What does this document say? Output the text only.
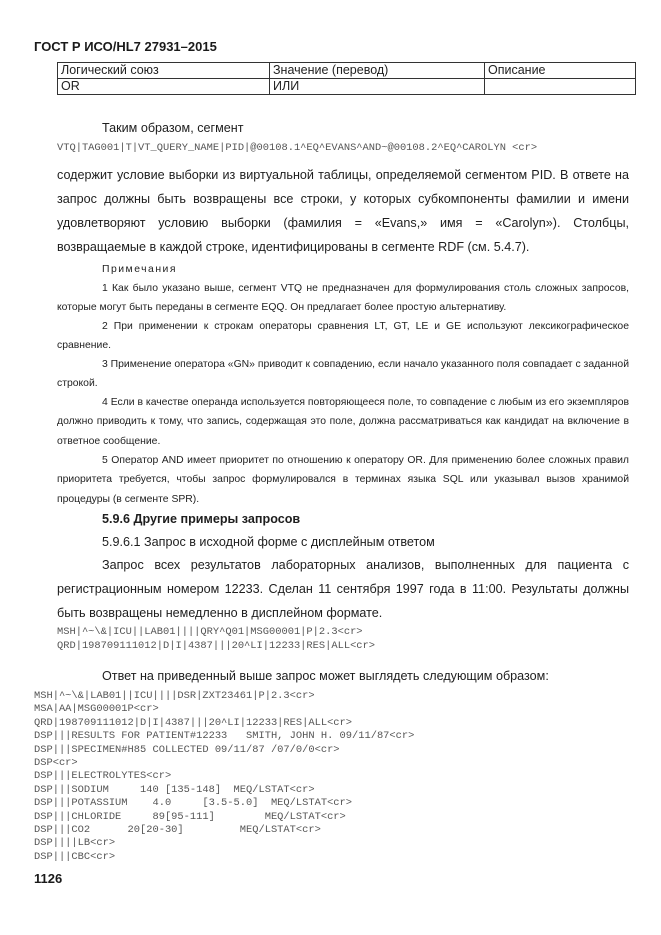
ГОСТ Р ИСО/HL7 27931–2015
Логический союз	Значение (перевод)	Описание
OR	ИЛИ	
Таким образом, сегмент
VTQ|TAG001|T|VT_QUERY_NAME|PID|@00108.1^EQ^EVANS^AND~@00108.2^EQ^CAROLYN <cr>
содержит условие выборки из виртуальной таблицы, определяемой сегментом PID. В ответе на запрос должны быть возвращены все строки, у которых субкомпоненты фамилии и имени удовлетворяют условию выборки (фамилия = «Evans,» имя = «Carolyn»). Столбцы, возвращаемые в каждой строке, идентифицированы в сегменте RDF (см. 5.4.7).
Примечания
1 Как было указано выше, сегмент VTQ не предназначен для формулирования столь сложных запросов, которые могут быть переданы в сегменте EQQ. Он предлагает более простую альтернативу.
2 При применении к строкам операторы сравнения LT, GT, LE и GE используют лексикографическое сравнение.
3 Применение оператора «GN» приводит к совпадению, если начало указанного поля совпадает с заданной строкой.
4 Если в качестве операнда используется повторяющееся поле, то совпадение с любым из его экземпляров должно приводить к тому, что запись, содержащая это поле, должна рассматриваться как кандидат на включение в ответное сообщение.
5 Оператор AND имеет приоритет по отношению к оператору OR. Для применению более сложных правил приоритета требуется, чтобы запрос формулировался в терминах языка SQL или указывал вызов хранимой процедуры (в сегменте SPR).
5.9.6 Другие примеры запросов
5.9.6.1 Запрос в исходной форме с дисплейным ответом
Запрос всех результатов лабораторных анализов, выполненных для пациента с регистрационным номером 12233. Сделан 11 сентября 1997 года в 11:00. Результаты должны быть возвращены немедленно в дисплейном формате.
MSH|^~\&|ICU||LAB01||||QRY^Q01|MSG00001|P|2.3<cr>
QRD|198709111012|D|I|4387|||20^LI|12233|RES|ALL<cr>
Ответ на приведенный выше запрос может выглядеть следующим образом:
MSH|^~\&|LAB01||ICU||||DSR|ZXT23461|P|2.3<cr>
MSA|AA|MSG00001P<cr>
QRD|198709111012|D|I|4387|||20^LI|12233|RES|ALL<cr>
DSP|||RESULTS FOR PATIENT#12233   SMITH, JOHN H. 09/11/87<cr>
DSP|||SPECIMEN#H85 COLLECTED 09/11/87 /07/0/0<cr>
DSP<cr>
DSP|||ELECTROLYTES<cr>
DSP|||SODIUM     140 [135-148]  MEQ/LSTAT<cr>
DSP|||POTASSIUM    4.0     [3.5-5.0]  MEQ/LSTAT<cr>
DSP|||CHLORIDE     89[95-111]        MEQ/LSTAT<cr>
DSP|||CO2      20[20-30]         MEQ/LSTAT<cr>
DSP||||LB<cr>
DSP|||CBC<cr>
1126
